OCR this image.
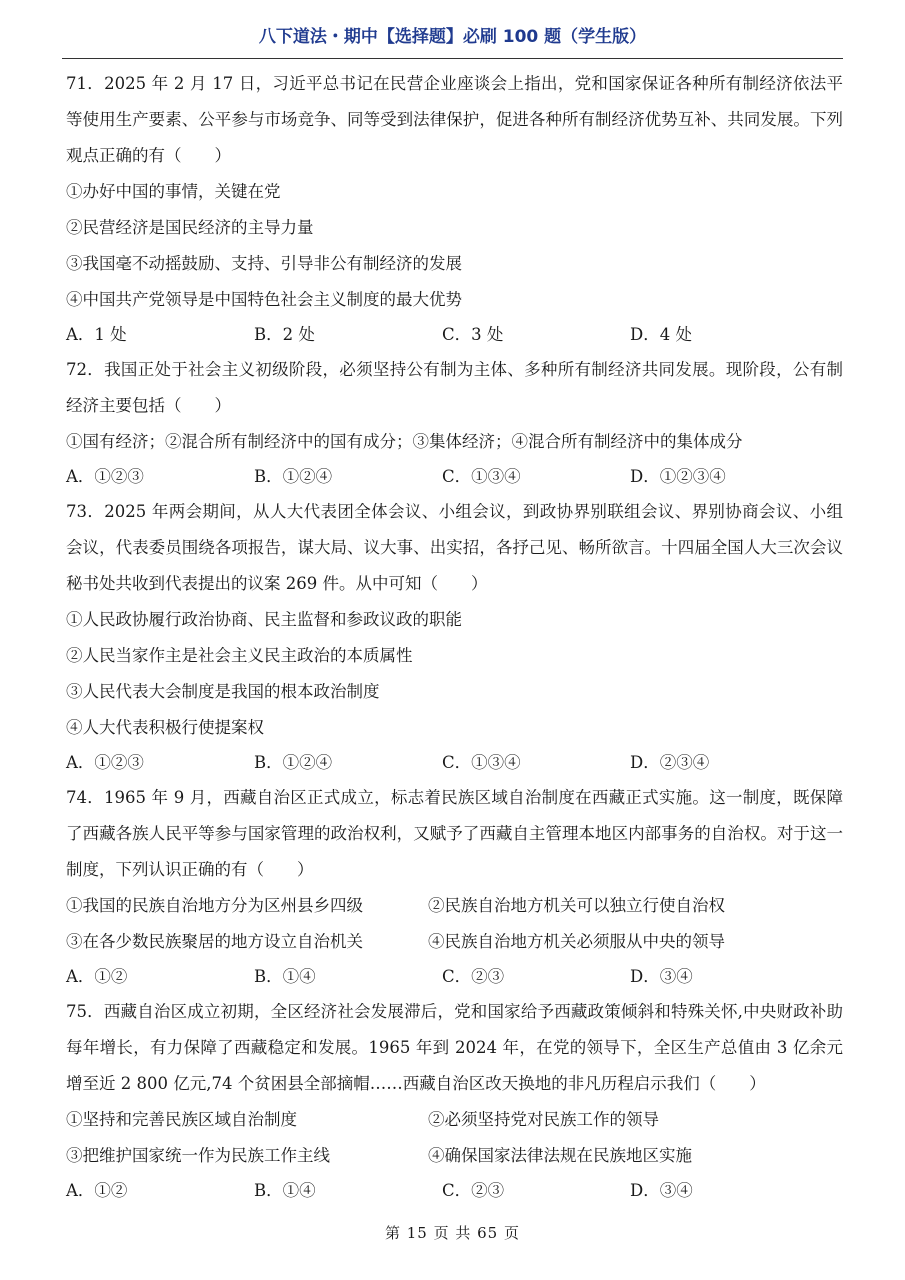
八下道法・期中【选择题】必刷 100 题（学生版）

71．2025 年 2 月 17 日，习近平总书记在民营企业座谈会上指出，党和国家保证各种所有制经济依法平等使用生产要素、公平参与市场竞争、同等受到法律保护，促进各种所有制经济优势互补、共同发展。下列观点正确的有（　　）

①办好中国的事情，关键在党

②民营经济是国民经济的主导力量

③我国毫不动摇鼓励、支持、引导非公有制经济的发展

④中国共产党领导是中国特色社会主义制度的最大优势

A．1 处	B．2 处	C．3 处	D．4 处

72．我国正处于社会主义初级阶段，必须坚持公有制为主体、多种所有制经济共同发展。现阶段，公有制经济主要包括（　　）

①国有经济；②混合所有制经济中的国有成分；③集体经济；④混合所有制经济中的集体成分

A．①②③	B．①②④	C．①③④	D．①②③④

73．2025 年两会期间，从人大代表团全体会议、小组会议，到政协界别联组会议、界别协商会议、小组会议，代表委员围绕各项报告，谋大局、议大事、出实招，各抒己见、畅所欲言。十四届全国人大三次会议秘书处共收到代表提出的议案 269 件。从中可知（　　）

①人民政协履行政治协商、民主监督和参政议政的职能

②人民当家作主是社会主义民主政治的本质属性

③人民代表大会制度是我国的根本政治制度

④人大代表积极行使提案权

A．①②③	B．①②④	C．①③④	D．②③④

74．1965 年 9 月，西藏自治区正式成立，标志着民族区域自治制度在西藏正式实施。这一制度，既保障了西藏各族人民平等参与国家管理的政治权利，又赋予了西藏自主管理本地区内部事务的自治权。对于这一制度，下列认识正确的有（　　）

①我国的民族自治地方分为区州县乡四级	②民族自治地方机关可以独立行使自治权
③在各少数民族聚居的地方设立自治机关	④民族自治地方机关必须服从中央的领导
A．①②	B．①④	C．②③	D．③④

75．西藏自治区成立初期，全区经济社会发展滞后，党和国家给予西藏政策倾斜和特殊关怀,中央财政补助每年增长，有力保障了西藏稳定和发展。1965 年到 2024 年，在党的领导下，全区生产总值由 3 亿余元增至近 2 800 亿元,74 个贫困县全部摘帽……西藏自治区改天换地的非凡历程启示我们（　　）

①坚持和完善民族区域自治制度	②必须坚持党对民族工作的领导
③把维护国家统一作为民族工作主线	④确保国家法律法规在民族地区实施
A．①②	B．①④	C．②③	D．③④
第 15 页 共 65 页
